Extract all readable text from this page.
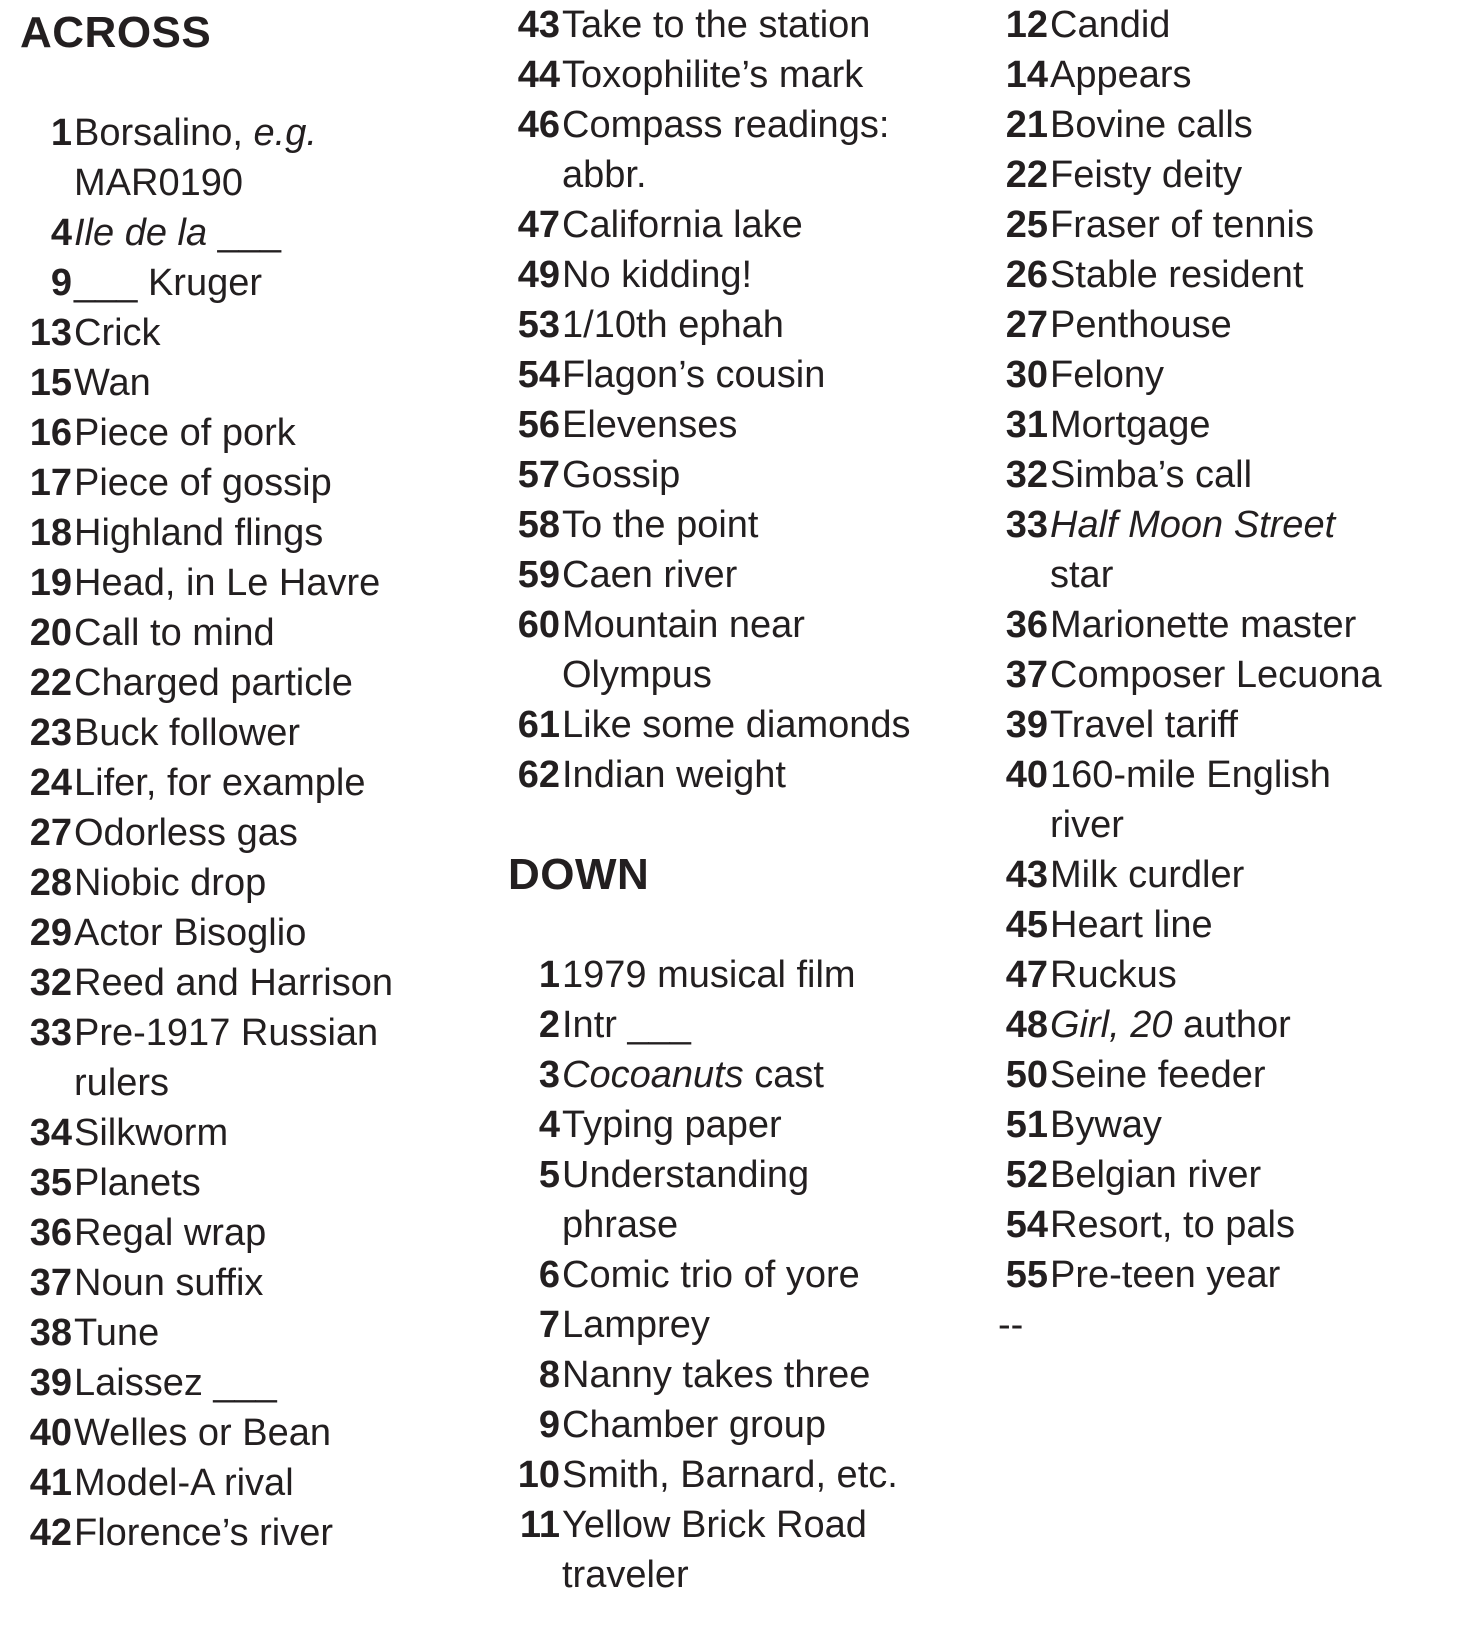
ACROSS
1 Borsalino, e.g.
MAR0190
4 Ile de la ___
9 ___ Kruger
13 Crick
15 Wan
16 Piece of pork
17 Piece of gossip
18 Highland flings
19 Head, in Le Havre
20 Call to mind
22 Charged particle
23 Buck follower
24 Lifer, for example
27 Odorless gas
28 Niobic drop
29 Actor Bisoglio
32 Reed and Harrison
33 Pre-1917 Russian
rulers
34 Silkworm
35 Planets
36 Regal wrap
37 Noun suffix
38 Tune
39 Laissez ___
40 Welles or Bean
41 Model-A rival
42 Florence’s river
43 Take to the station
44 Toxophilite’s mark
46 Compass readings:
abbr.
47 California lake
49 No kidding!
53 1/10th ephah
54 Flagon’s cousin
56 Elevenses
57 Gossip
58 To the point
59 Caen river
60 Mountain near
Olympus
61 Like some diamonds
62 Indian weight
DOWN
1 1979 musical film
2 Intr ___
3 Cocoanuts cast
4 Typing paper
5 Understanding
phrase
6 Comic trio of yore
7 Lamprey
8 Nanny takes three
9 Chamber group
10 Smith, Barnard, etc.
11 Yellow Brick Road
traveler
12 Candid
14 Appears
21 Bovine calls
22 Feisty deity
25 Fraser of tennis
26 Stable resident
27 Penthouse
30 Felony
31 Mortgage
32 Simba’s call
33 Half Moon Street
star
36 Marionette master
37 Composer Lecuona
39 Travel tariff
40 160-mile English
river
43 Milk curdler
45 Heart line
47 Ruckus
48 Girl, 20 author
50 Seine feeder
51 Byway
52 Belgian river
54 Resort, to pals
55 Pre-teen year
--
